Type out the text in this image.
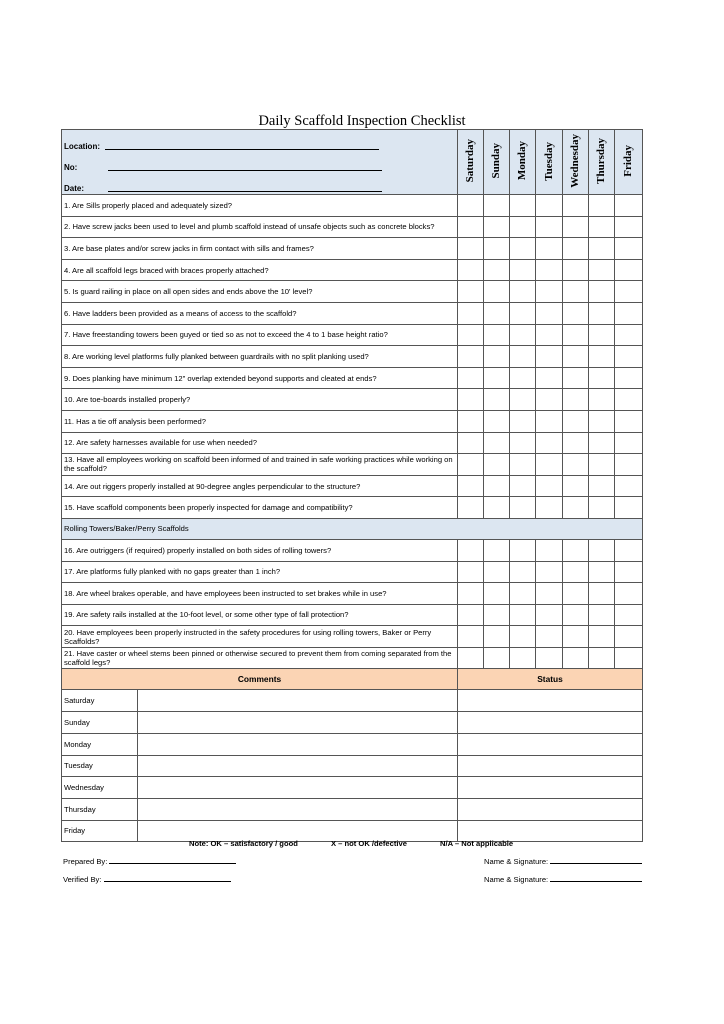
Daily Scaffold Inspection Checklist
Location:
No:
Date:		Saturday	Sunday	Monday	Tuesday	Wednesday	Thursday	Friday
1. Are Sills properly placed and adequately sized?								
2. Have screw jacks been used to level and plumb scaffold instead of unsafe objects such as concrete blocks?								
3. Are base plates and/or screw jacks in firm contact with sills and frames?								
4. Are all scaffold legs braced with braces properly attached?								
5. Is guard railing in place on all open sides and ends above the 10' level?								
6. Have ladders been provided as a means of access to the scaffold?								
7. Have freestanding towers been guyed or tied so as not to exceed the 4 to 1 base height ratio?								
8. Are working level platforms fully planked between guardrails with no split planking used?								
9. Does planking have minimum 12" overlap extended beyond supports and cleated at ends?								
10. Are toe-boards installed properly?								
11. Has a tie off analysis been performed?								
12. Are safety harnesses available for use when needed?								
13. Have all employees working on scaffold been informed of and trained in safe working practices while working on the scaffold?								
14. Are out riggers properly installed at 90-degree angles perpendicular to the structure?								
15. Have scaffold components been properly inspected for damage and compatibility?								
Rolling Towers/Baker/Perry Scaffolds								
16. Are outriggers (if required) properly installed on both sides of rolling towers?								
17. Are platforms fully planked with no gaps greater than 1 inch?								
18. Are wheel brakes operable, and have employees been instructed to set brakes while in use?								
19. Are safety rails installed at the 10-foot level, or some other type of fall protection?								
20. Have employees been properly instructed in the safety procedures for using rolling towers, Baker or Perry Scaffolds?								
21. Have caster or wheel stems been pinned or otherwise secured to prevent them from coming separated from the scaffold legs?								
Comments		Status						
Saturday								
Sunday								
Monday								
Tuesday								
Wednesday								
Thursday								
Friday								
Note: OK – satisfactory / good	X – not OK /defective	N/A – Not applicable
Prepared By:
Verified By:
Name & Signature:
Name & Signature:
